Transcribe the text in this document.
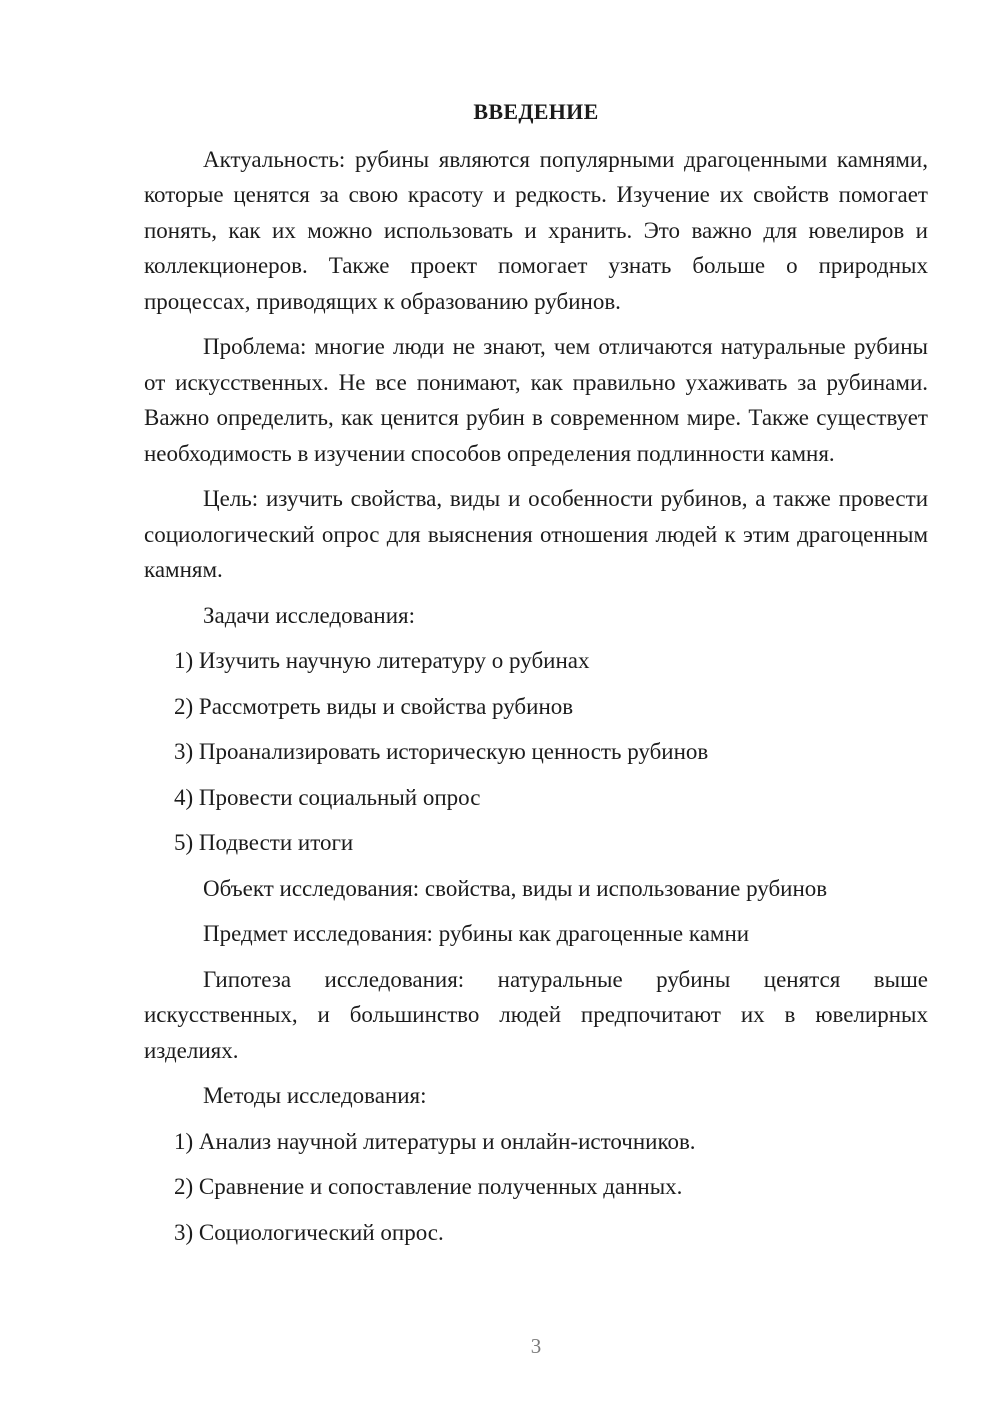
ВВЕДЕНИЕ

Актуальность: рубины являются популярными драгоценными камнями, которые ценятся за свою красоту и редкость. Изучение их свойств помогает понять, как их можно использовать и хранить. Это важно для ювелиров и коллекционеров. Также проект помогает узнать больше о природных процессах, приводящих к образованию рубинов.

Проблема: многие люди не знают, чем отличаются натуральные рубины от искусственных. Не все понимают, как правильно ухаживать за рубинами. Важно определить, как ценится рубин в современном мире. Также существует необходимость в изучении способов определения подлинности камня.

Цель: изучить свойства, виды и особенности рубинов, а также провести социологический опрос для выяснения отношения людей к этим драгоценным камням.

Задачи исследования:
1) Изучить научную литературу о рубинах
2) Рассмотреть виды и свойства рубинов
3) Проанализировать историческую ценность рубинов
4) Провести социальный опрос
5) Подвести итоги
Объект исследования: свойства, виды и использование рубинов
Предмет исследования: рубины как драгоценные камни

Гипотеза исследования: натуральные рубины ценятся выше искусственных, и большинство людей предпочитают их в ювелирных изделиях.

Методы исследования:
1) Анализ научной литературы и онлайн-источников.
2) Сравнение и сопоставление полученных данных.
3) Социологический опрос.
3
